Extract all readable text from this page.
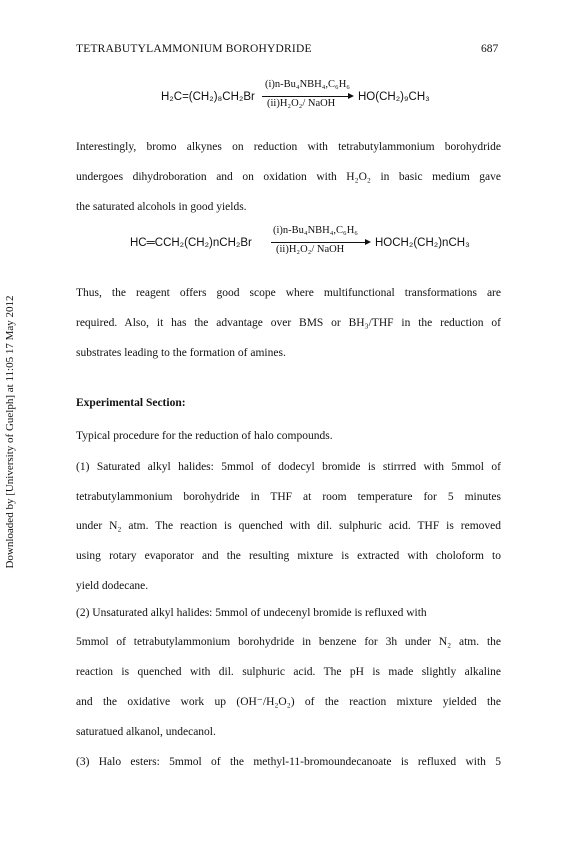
TETRABUTYLAMMONIUM BOROHYDRIDE	687
Downloaded by [University of Guelph] at 11:05 17 May 2012
H₂C=(CH₂)₈CH₂Br
(i)n-Bu₄NBH₄,C₆H₆
(ii)H₂O₂/ NaOH
HO(CH₂)₉CH₃
Interestingly, bromo alkynes on reduction with tetrabutylammonium borohydride
undergoes dihydroboration and on oxidation with H₂O₂ in basic medium gave
the saturated alcohols in good yields.
HC═CCH₂(CH₂)nCH₂Br
(i)n-Bu₄NBH₄,C₆H₆
(ii)H₂O₂/ NaOH
HOCH₂(CH₂)nCH₃
Thus, the reagent offers good scope where multifunctional transformations are
required. Also, it has the advantage over BMS or BH₃/THF in the reduction of
substrates leading to the formation of amines.
Experimental Section:
Typical procedure for the reduction of halo compounds.
(1) Saturated alkyl halides: 5mmol of dodecyl bromide is stirrred with 5mmol of
tetrabutylammonium borohydride in THF at room temperature for 5 minutes
under N₂ atm. The reaction is quenched with dil. sulphuric acid. THF is removed
using rotary evaporator and the resulting mixture is extracted with choloform to
yield dodecane.
(2) Unsaturated alkyl halides: 5mmol of undecenyl bromide is refluxed with
5mmol of tetrabutylammonium borohydride in benzene for 3h under N₂ atm. the
reaction is quenched with dil. sulphuric acid. The pH is made slightly alkaline
and the oxidative work up (OH⁻/H₂O₂) of the reaction mixture yielded the
saturatued alkanol, undecanol.
(3) Halo esters: 5mmol of the methyl-11-bromoundecanoate is refluxed with 5
